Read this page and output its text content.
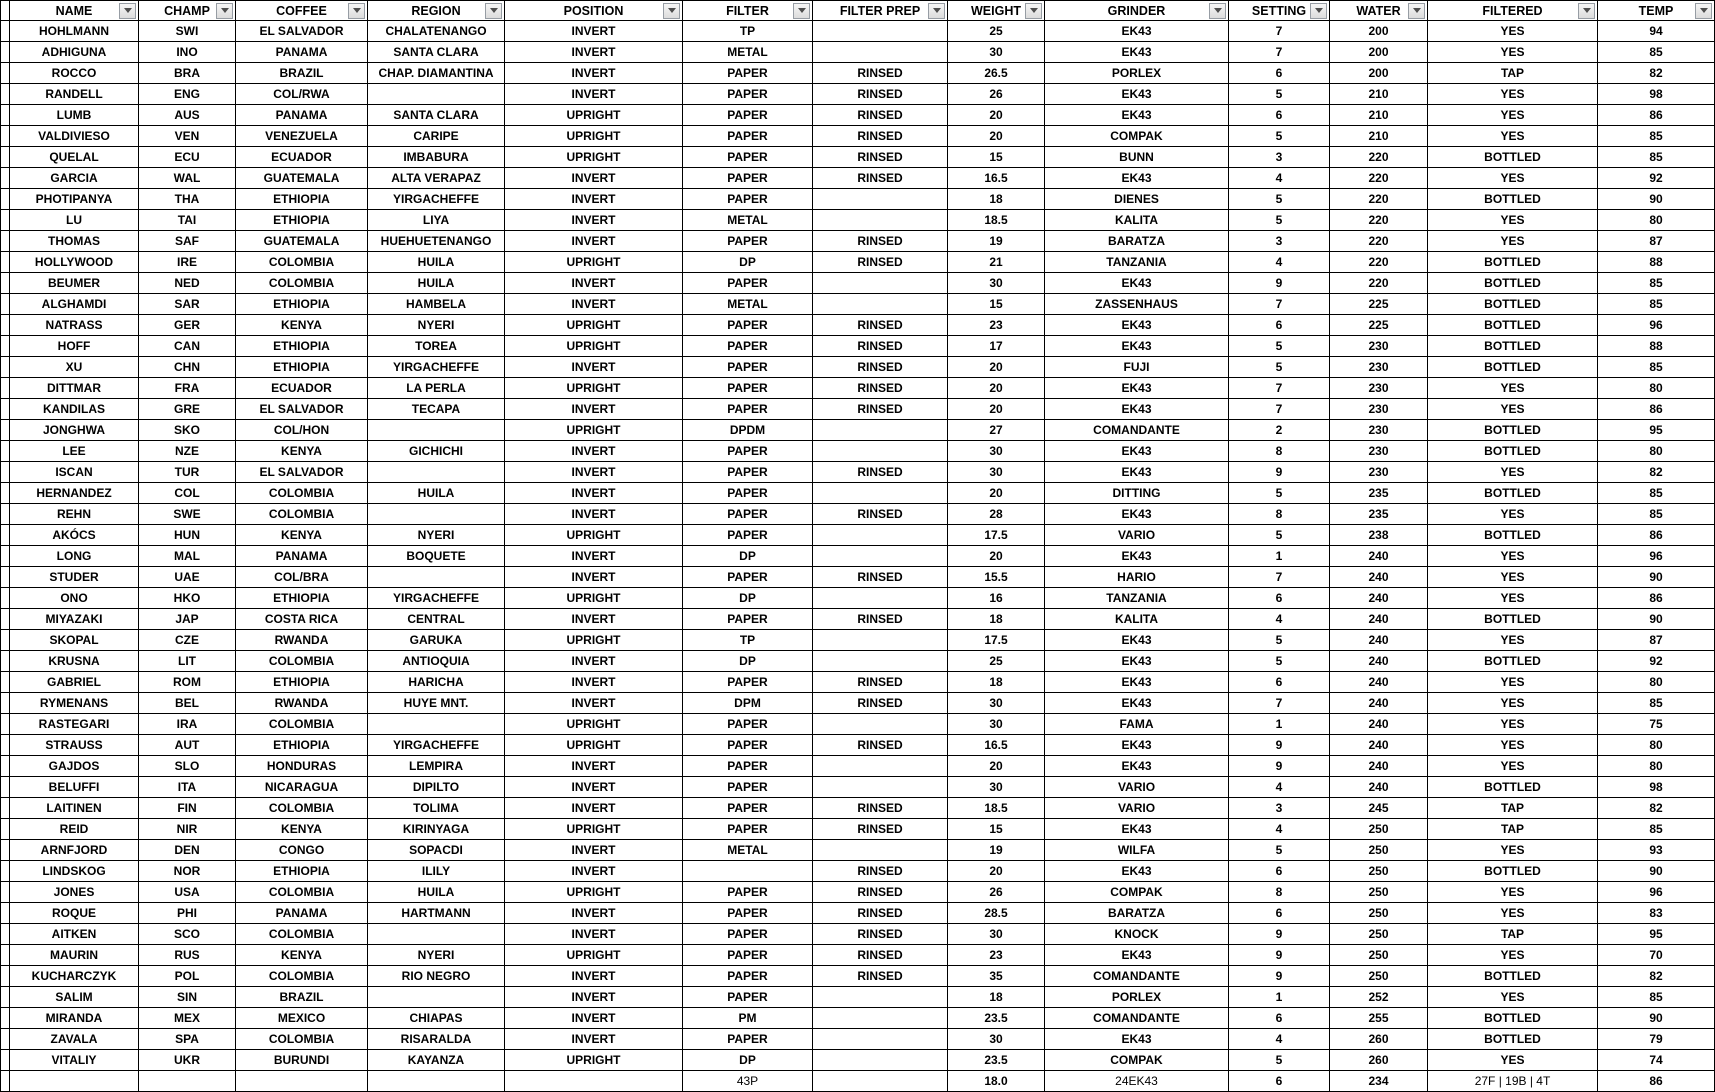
	NAME	CHAMP	COFFEE	REGION	POSITION	FILTER	FILTER PREP	WEIGHT	GRINDER	SETTING	WATER	FILTERED	TEMP

	HOHLMANN	SWI	EL SALVADOR	CHALATENANGO	INVERT	TP		25	EK43	7	200	YES	94
	ADHIGUNA	INO	PANAMA	SANTA CLARA	INVERT	METAL		30	EK43	7	200	YES	85
	ROCCO	BRA	BRAZIL	CHAP. DIAMANTINA	INVERT	PAPER	RINSED	26.5	PORLEX	6	200	TAP	82
	RANDELL	ENG	COL/RWA		INVERT	PAPER	RINSED	26	EK43	5	210	YES	98
	LUMB	AUS	PANAMA	SANTA CLARA	UPRIGHT	PAPER	RINSED	20	EK43	6	210	YES	86
	VALDIVIESO	VEN	VENEZUELA	CARIPE	UPRIGHT	PAPER	RINSED	20	COMPAK	5	210	YES	85
	QUELAL	ECU	ECUADOR	IMBABURA	UPRIGHT	PAPER	RINSED	15	BUNN	3	220	BOTTLED	85
	GARCIA	WAL	GUATEMALA	ALTA VERAPAZ	INVERT	PAPER	RINSED	16.5	EK43	4	220	YES	92
	PHOTIPANYA	THA	ETHIOPIA	YIRGACHEFFE	INVERT	PAPER		18	DIENES	5	220	BOTTLED	90
	LU	TAI	ETHIOPIA	LIYA	INVERT	METAL		18.5	KALITA	5	220	YES	80
	THOMAS	SAF	GUATEMALA	HUEHUETENANGO	INVERT	PAPER	RINSED	19	BARATZA	3	220	YES	87
	HOLLYWOOD	IRE	COLOMBIA	HUILA	UPRIGHT	DP	RINSED	21	TANZANIA	4	220	BOTTLED	88
	BEUMER	NED	COLOMBIA	HUILA	INVERT	PAPER		30	EK43	9	220	BOTTLED	85
	ALGHAMDI	SAR	ETHIOPIA	HAMBELA	INVERT	METAL		15	ZASSENHAUS	7	225	BOTTLED	85
	NATRASS	GER	KENYA	NYERI	UPRIGHT	PAPER	RINSED	23	EK43	6	225	BOTTLED	96
	HOFF	CAN	ETHIOPIA	TOREA	UPRIGHT	PAPER	RINSED	17	EK43	5	230	BOTTLED	88
	XU	CHN	ETHIOPIA	YIRGACHEFFE	INVERT	PAPER	RINSED	20	FUJI	5	230	BOTTLED	85
	DITTMAR	FRA	ECUADOR	LA PERLA	UPRIGHT	PAPER	RINSED	20	EK43	7	230	YES	80
	KANDILAS	GRE	EL SALVADOR	TECAPA	INVERT	PAPER	RINSED	20	EK43	7	230	YES	86
	JONGHWA	SKO	COL/HON		UPRIGHT	DPDM		27	COMANDANTE	2	230	BOTTLED	95
	LEE	NZE	KENYA	GICHICHI	INVERT	PAPER		30	EK43	8	230	BOTTLED	80
	ISCAN	TUR	EL SALVADOR		INVERT	PAPER	RINSED	30	EK43	9	230	YES	82
	HERNANDEZ	COL	COLOMBIA	HUILA	INVERT	PAPER		20	DITTING	5	235	BOTTLED	85
	REHN	SWE	COLOMBIA		INVERT	PAPER	RINSED	28	EK43	8	235	YES	85
	AKÓCS	HUN	KENYA	NYERI	UPRIGHT	PAPER		17.5	VARIO	5	238	BOTTLED	86
	LONG	MAL	PANAMA	BOQUETE	INVERT	DP		20	EK43	1	240	YES	96
	STUDER	UAE	COL/BRA		INVERT	PAPER	RINSED	15.5	HARIO	7	240	YES	90
	ONO	HKO	ETHIOPIA	YIRGACHEFFE	UPRIGHT	DP		16	TANZANIA	6	240	YES	86
	MIYAZAKI	JAP	COSTA RICA	CENTRAL	INVERT	PAPER	RINSED	18	KALITA	4	240	BOTTLED	90
	SKOPAL	CZE	RWANDA	GARUKA	UPRIGHT	TP		17.5	EK43	5	240	YES	87
	KRUSNA	LIT	COLOMBIA	ANTIOQUIA	INVERT	DP		25	EK43	5	240	BOTTLED	92
	GABRIEL	ROM	ETHIOPIA	HARICHA	INVERT	PAPER	RINSED	18	EK43	6	240	YES	80
	RYMENANS	BEL	RWANDA	HUYE MNT.	INVERT	DPM	RINSED	30	EK43	7	240	YES	85
	RASTEGARI	IRA	COLOMBIA		UPRIGHT	PAPER		30	FAMA	1	240	YES	75
	STRAUSS	AUT	ETHIOPIA	YIRGACHEFFE	UPRIGHT	PAPER	RINSED	16.5	EK43	9	240	YES	80
	GAJDOS	SLO	HONDURAS	LEMPIRA	INVERT	PAPER		20	EK43	9	240	YES	80
	BELUFFI	ITA	NICARAGUA	DIPILTO	INVERT	PAPER		30	VARIO	4	240	BOTTLED	98
	LAITINEN	FIN	COLOMBIA	TOLIMA	INVERT	PAPER	RINSED	18.5	VARIO	3	245	TAP	82
	REID	NIR	KENYA	KIRINYAGA	UPRIGHT	PAPER	RINSED	15	EK43	4	250	TAP	85
	ARNFJORD	DEN	CONGO	SOPACDI	INVERT	METAL		19	WILFA	5	250	YES	93
	LINDSKOG	NOR	ETHIOPIA	ILILY	INVERT		RINSED	20	EK43	6	250	BOTTLED	90
	JONES	USA	COLOMBIA	HUILA	UPRIGHT	PAPER	RINSED	26	COMPAK	8	250	YES	96
	ROQUE	PHI	PANAMA	HARTMANN	INVERT	PAPER	RINSED	28.5	BARATZA	6	250	YES	83
	AITKEN	SCO	COLOMBIA		INVERT	PAPER	RINSED	30	KNOCK	9	250	TAP	95
	MAURIN	RUS	KENYA	NYERI	UPRIGHT	PAPER	RINSED	23	EK43	9	250	YES	70
	KUCHARCZYK	POL	COLOMBIA	RIO NEGRO	INVERT	PAPER	RINSED	35	COMANDANTE	9	250	BOTTLED	82
	SALIM	SIN	BRAZIL		INVERT	PAPER		18	PORLEX	1	252	YES	85
	MIRANDA	MEX	MEXICO	CHIAPAS	INVERT	PM		23.5	COMANDANTE	6	255	BOTTLED	90
	ZAVALA	SPA	COLOMBIA	RISARALDA	INVERT	PAPER		30	EK43	4	260	BOTTLED	79
	VITALIY	UKR	BURUNDI	KAYANZA	UPRIGHT	DP		23.5	COMPAK	5	260	YES	74
						43P		18.0	24EK43	6	234	27F | 19B | 4T	86
